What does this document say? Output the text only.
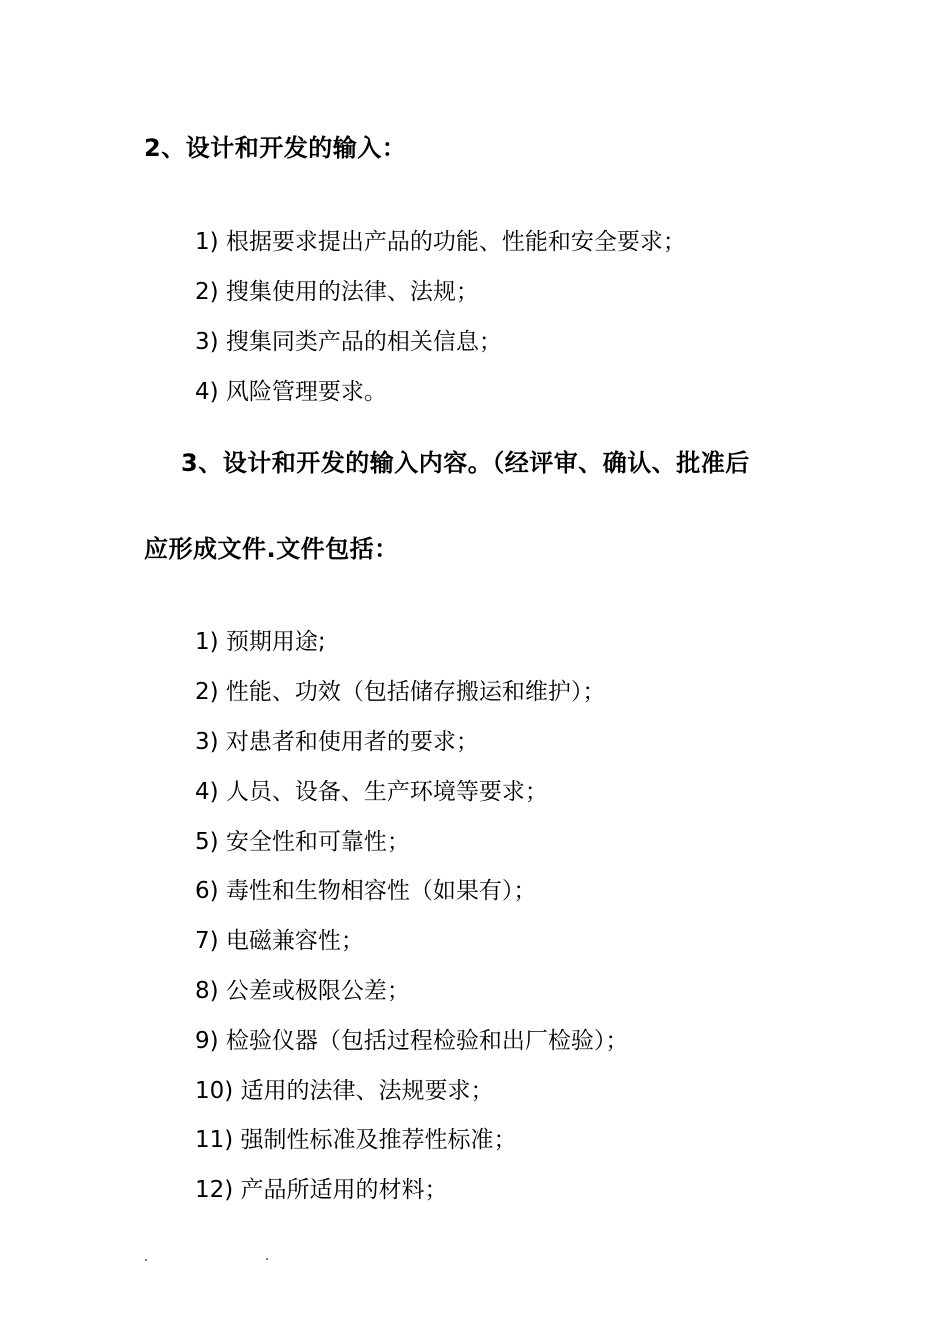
2、设计和开发的输入：
1) 根据要求提出产品的功能、性能和安全要求；
2) 搜集使用的法律、法规；
3) 搜集同类产品的相关信息；
4) 风险管理要求。
3、设计和开发的输入内容。（经评审、确认、批准后
应形成文件.文件包括：
1) 预期用途;
2) 性能、功效（包括储存搬运和维护）；
3) 对患者和使用者的要求；
4) 人员、设备、生产环境等要求；
5) 安全性和可靠性；
6) 毒性和生物相容性（如果有）；
7) 电磁兼容性；
8) 公差或极限公差；
9) 检验仪器（包括过程检验和出厂检验）；
10) 适用的法律、法规要求；
11) 强制性标准及推荐性标准；
12) 产品所适用的材料；
